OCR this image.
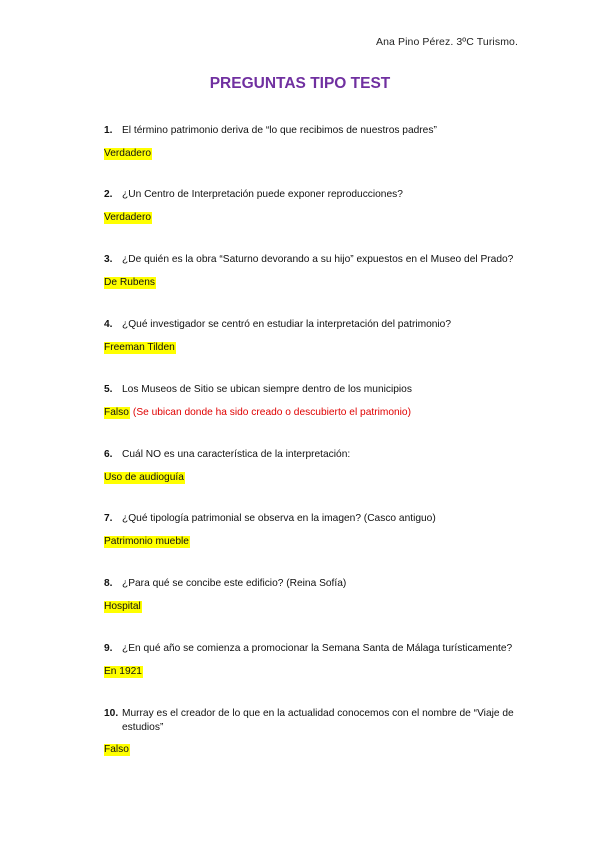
Ana Pino Pérez. 3ºC Turismo.
PREGUNTAS TIPO TEST
1. El término patrimonio deriva de “lo que recibimos de nuestros padres”
Verdadero
2. ¿Un Centro de Interpretación puede exponer reproducciones?
Verdadero
3. ¿De quién es la obra “Saturno devorando a su hijo” expuestos en el Museo del Prado?
De Rubens
4. ¿Qué investigador se centró en estudiar la interpretación del patrimonio?
Freeman Tilden
5. Los Museos de Sitio se ubican siempre dentro de los municipios
Falso (Se ubican donde ha sido creado o descubierto el patrimonio)
6. Cuál NO es una característica de la interpretación:
Uso de audioguía
7. ¿Qué tipología patrimonial se observa en la imagen? (Casco antiguo)
Patrimonio mueble
8. ¿Para qué se concibe este edificio? (Reina Sofía)
Hospital
9. ¿En qué año se comienza a promocionar la Semana Santa de Málaga turísticamente?
En 1921
10. Murray es el creador de lo que en la actualidad conocemos con el nombre de “Viaje de estudios”
Falso
